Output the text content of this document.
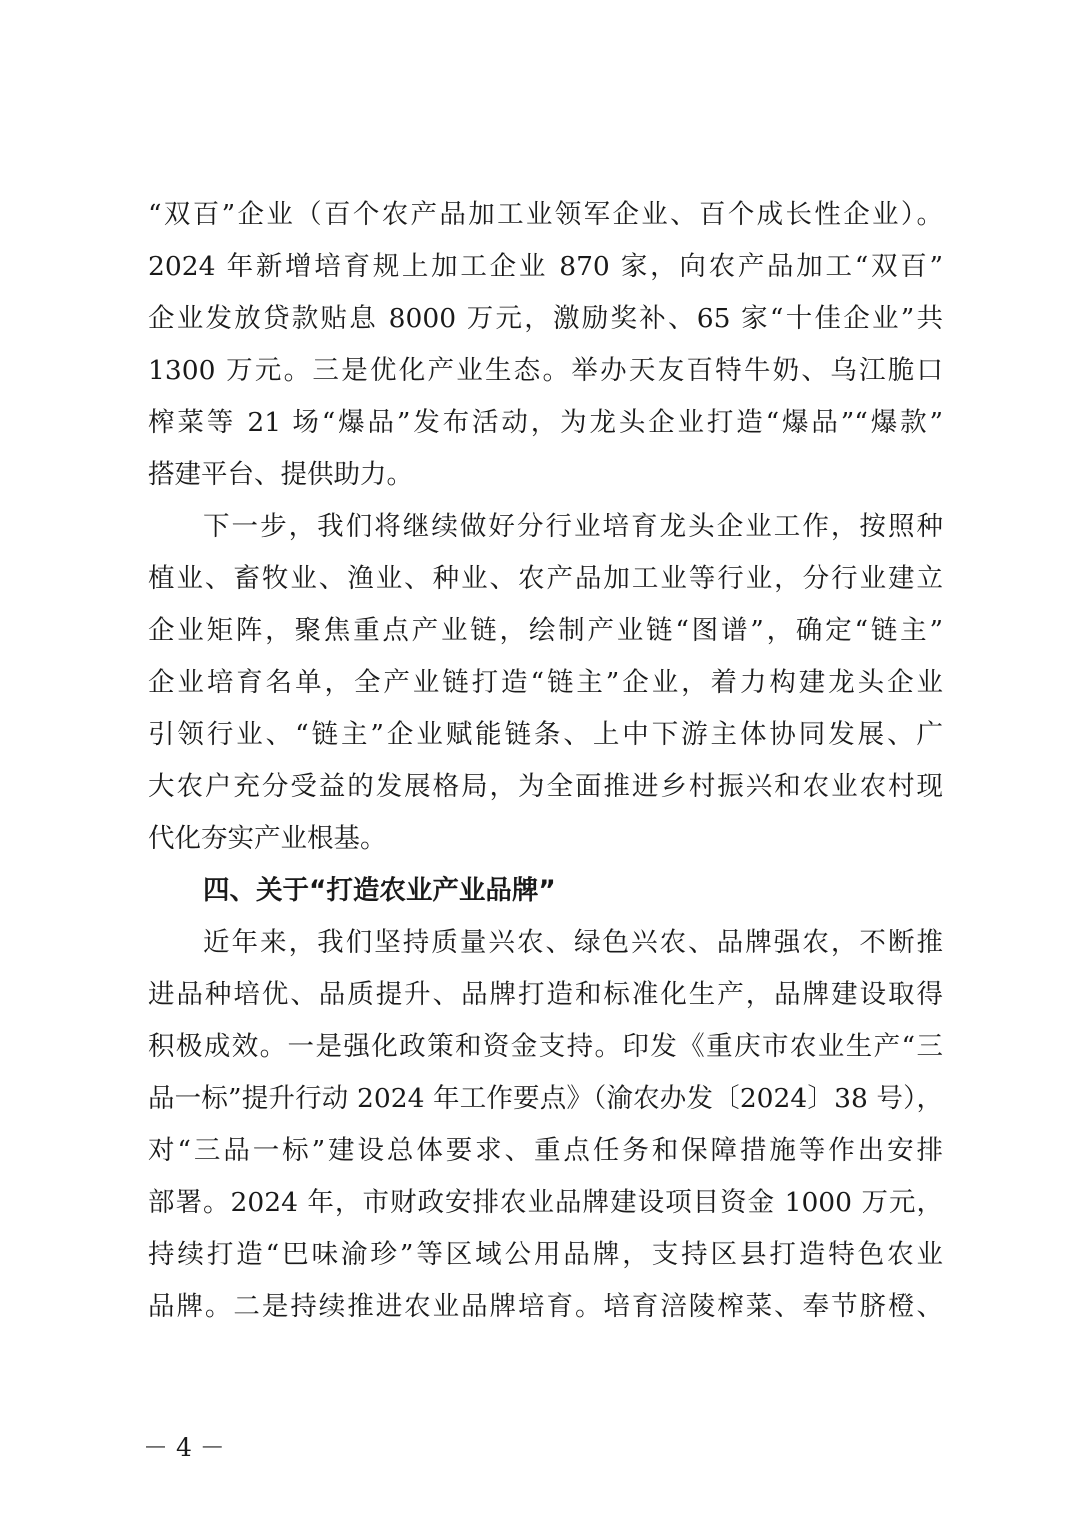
“双百”企业（百个农产品加工业领军企业、百个成长性企业）。
2024 年新增培育规上加工企业 870 家，向农产品加工“双百”
企业发放贷款贴息 8000 万元，激励奖补、65 家“十佳企业”共
1300 万元。三是优化产业生态。举办天友百特牛奶、乌江脆口
榨菜等 21 场“爆品”发布活动，为龙头企业打造“爆品”“爆款”
搭建平台、提供助力。
下一步，我们将继续做好分行业培育龙头企业工作，按照种
植业、畜牧业、渔业、种业、农产品加工业等行业，分行业建立
企业矩阵，聚焦重点产业链，绘制产业链“图谱”，确定“链主”
企业培育名单，全产业链打造“链主”企业，着力构建龙头企业
引领行业、“链主”企业赋能链条、上中下游主体协同发展、广
大农户充分受益的发展格局，为全面推进乡村振兴和农业农村现
代化夯实产业根基。
四、关于“打造农业产业品牌”
近年来，我们坚持质量兴农、绿色兴农、品牌强农，不断推
进品种培优、品质提升、品牌打造和标准化生产，品牌建设取得
积极成效。一是强化政策和资金支持。印发《重庆市农业生产“三
品一标”提升行动 2024 年工作要点》（渝农办发〔2024〕38 号），
对“三品一标”建设总体要求、重点任务和保障措施等作出安排
部署。2024 年，市财政安排农业品牌建设项目资金 1000 万元，
持续打造“巴味渝珍”等区域公用品牌，支持区县打造特色农业
品牌。二是持续推进农业品牌培育。培育涪陵榨菜、奉节脐橙、
－ 4 －
